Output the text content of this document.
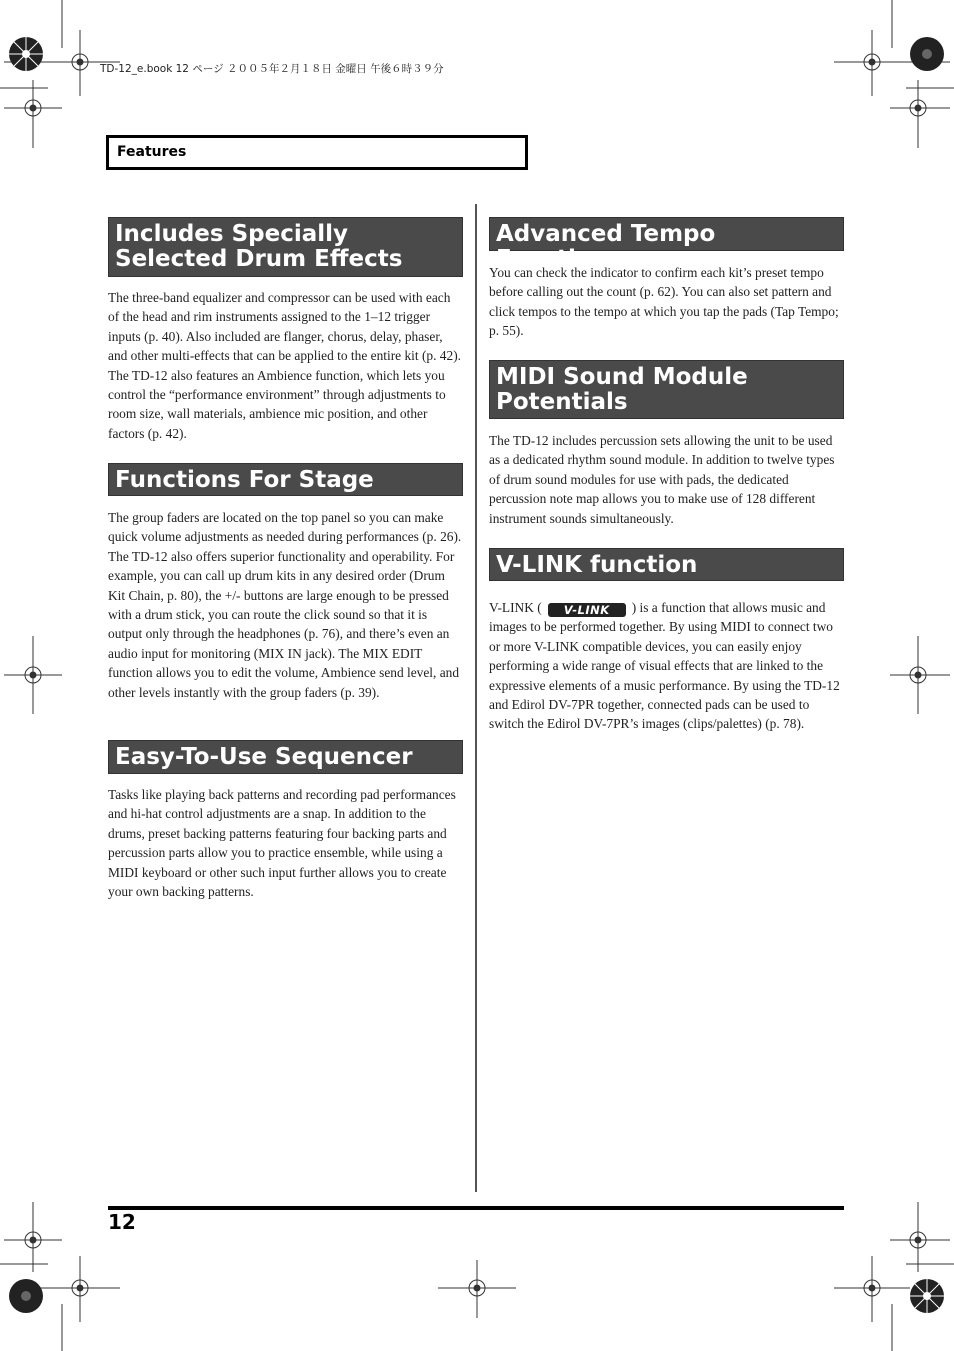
TD-12_e.book 12 ページ ２００５年２月１８日 金曜日 午後６時３９分
Features
Includes Specially Selected Drum Effects
The three-band equalizer and compressor can be used with each of the head and rim instruments assigned to the 1–12 trigger inputs (p. 40). Also included are flanger, chorus, delay, phaser, and other multi-effects that can be applied to the entire kit (p. 42). The TD-12 also features an Ambience function, which lets you control the “performance environment” through adjustments to room size, wall materials, ambience mic position, and other factors (p. 42).
Functions For Stage
The group faders are located on the top panel so you can make quick volume adjustments as needed during performances (p. 26). The TD-12 also offers superior functionality and operability. For example, you can call up drum kits in any desired order (Drum Kit Chain, p. 80), the +/- buttons are large enough to be pressed with a drum stick, you can route the click sound so that it is output only through the headphones (p. 76), and there’s even an audio input for monitoring (MIX IN jack). The MIX EDIT function allows you to edit the volume, Ambience send level, and other levels instantly with the group faders (p. 39).
Easy-To-Use Sequencer
Tasks like playing back patterns and recording pad performances and hi-hat control adjustments are a snap. In addition to the drums, preset backing patterns featuring four backing parts and percussion parts allow you to practice ensemble, while using a MIDI keyboard or other such input further allows you to create your own backing patterns.
Advanced Tempo Functions
You can check the indicator to confirm each kit’s preset tempo before calling out the count (p. 62). You can also set pattern and click tempos to the tempo at which you tap the pads (Tap Tempo; p. 55).
MIDI Sound Module Potentials
The TD-12 includes percussion sets allowing the unit to be used as a dedicated rhythm sound module. In addition to twelve types of drum sound modules for use with pads, the dedicated percussion note map allows you to make use of 128 different instrument sounds simultaneously.
V-LINK function
V-LINK ( V-LINK ) is a function that allows music and images to be performed together. By using MIDI to connect two or more V-LINK compatible devices, you can easily enjoy performing a wide range of visual effects that are linked to the expressive elements of a music performance. By using the TD-12 and Edirol DV-7PR together, connected pads can be used to switch the Edirol DV-7PR’s images (clips/palettes) (p. 78).
12
